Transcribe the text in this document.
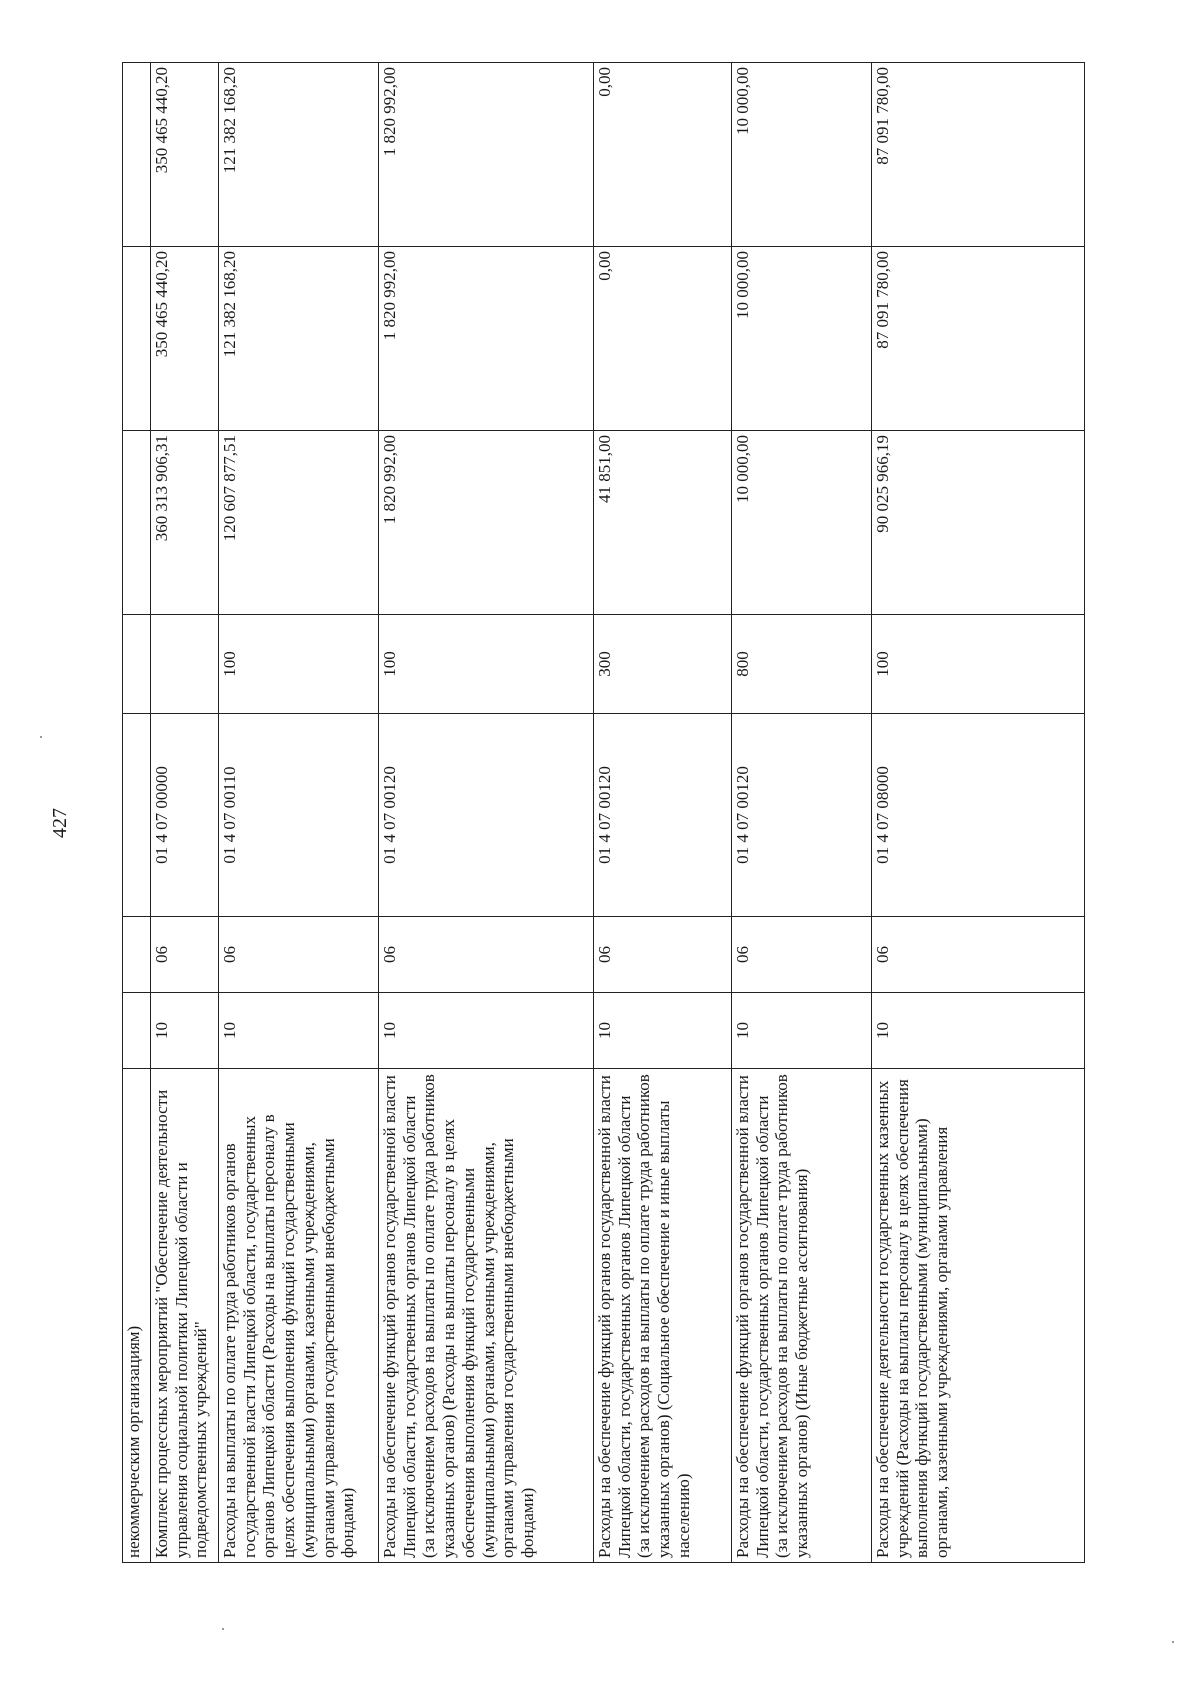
427
некоммерческим организациям)							
Комплекс процессных мероприятий "Обеспечение деятельности управления социальной политики Липецкой области и подведомственных учреждений"	10	06	01 4 07 00000		360 313 906,31	350 465 440,20	350 465 440,20
Расходы на выплаты по оплате труда работников органов государственной власти Липецкой области, государственных органов Липецкой области (Расходы на выплаты персоналу в целях обеспечения выполнения функций государственными (муниципальными) органами, казенными учреждениями, органами управления государственными внебюджетными фондами)	10	06	01 4 07 00110	100	120 607 877,51	121 382 168,20	121 382 168,20
Расходы на обеспечение функций органов государственной власти Липецкой области, государственных органов Липецкой области (за исключением расходов на выплаты по оплате труда работников указанных органов) (Расходы на выплаты персоналу в целях обеспечения выполнения функций государственными (муниципальными) органами, казенными учреждениями, органами управления государственными внебюджетными фондами)	10	06	01 4 07 00120	100	1 820 992,00	1 820 992,00	1 820 992,00
Расходы на обеспечение функций органов государственной власти Липецкой области, государственных органов Липецкой области (за исключением расходов на выплаты по оплате труда работников указанных органов) (Социальное обеспечение и иные выплаты населению)	10	06	01 4 07 00120	300	41 851,00	0,00	0,00
Расходы на обеспечение функций органов государственной власти Липецкой области, государственных органов Липецкой области (за исключением расходов на выплаты по оплате труда работников указанных органов) (Иные бюджетные ассигнования)	10	06	01 4 07 00120	800	10 000,00	10 000,00	10 000,00
Расходы на обеспечение деятельности государственных казенных учреждений (Расходы на выплаты персоналу в целях обеспечения выполнения функций государственными (муниципальными) органами, казенными учреждениями, органами управления	10	06	01 4 07 08000	100	90 025 966,19	87 091 780,00	87 091 780,00
